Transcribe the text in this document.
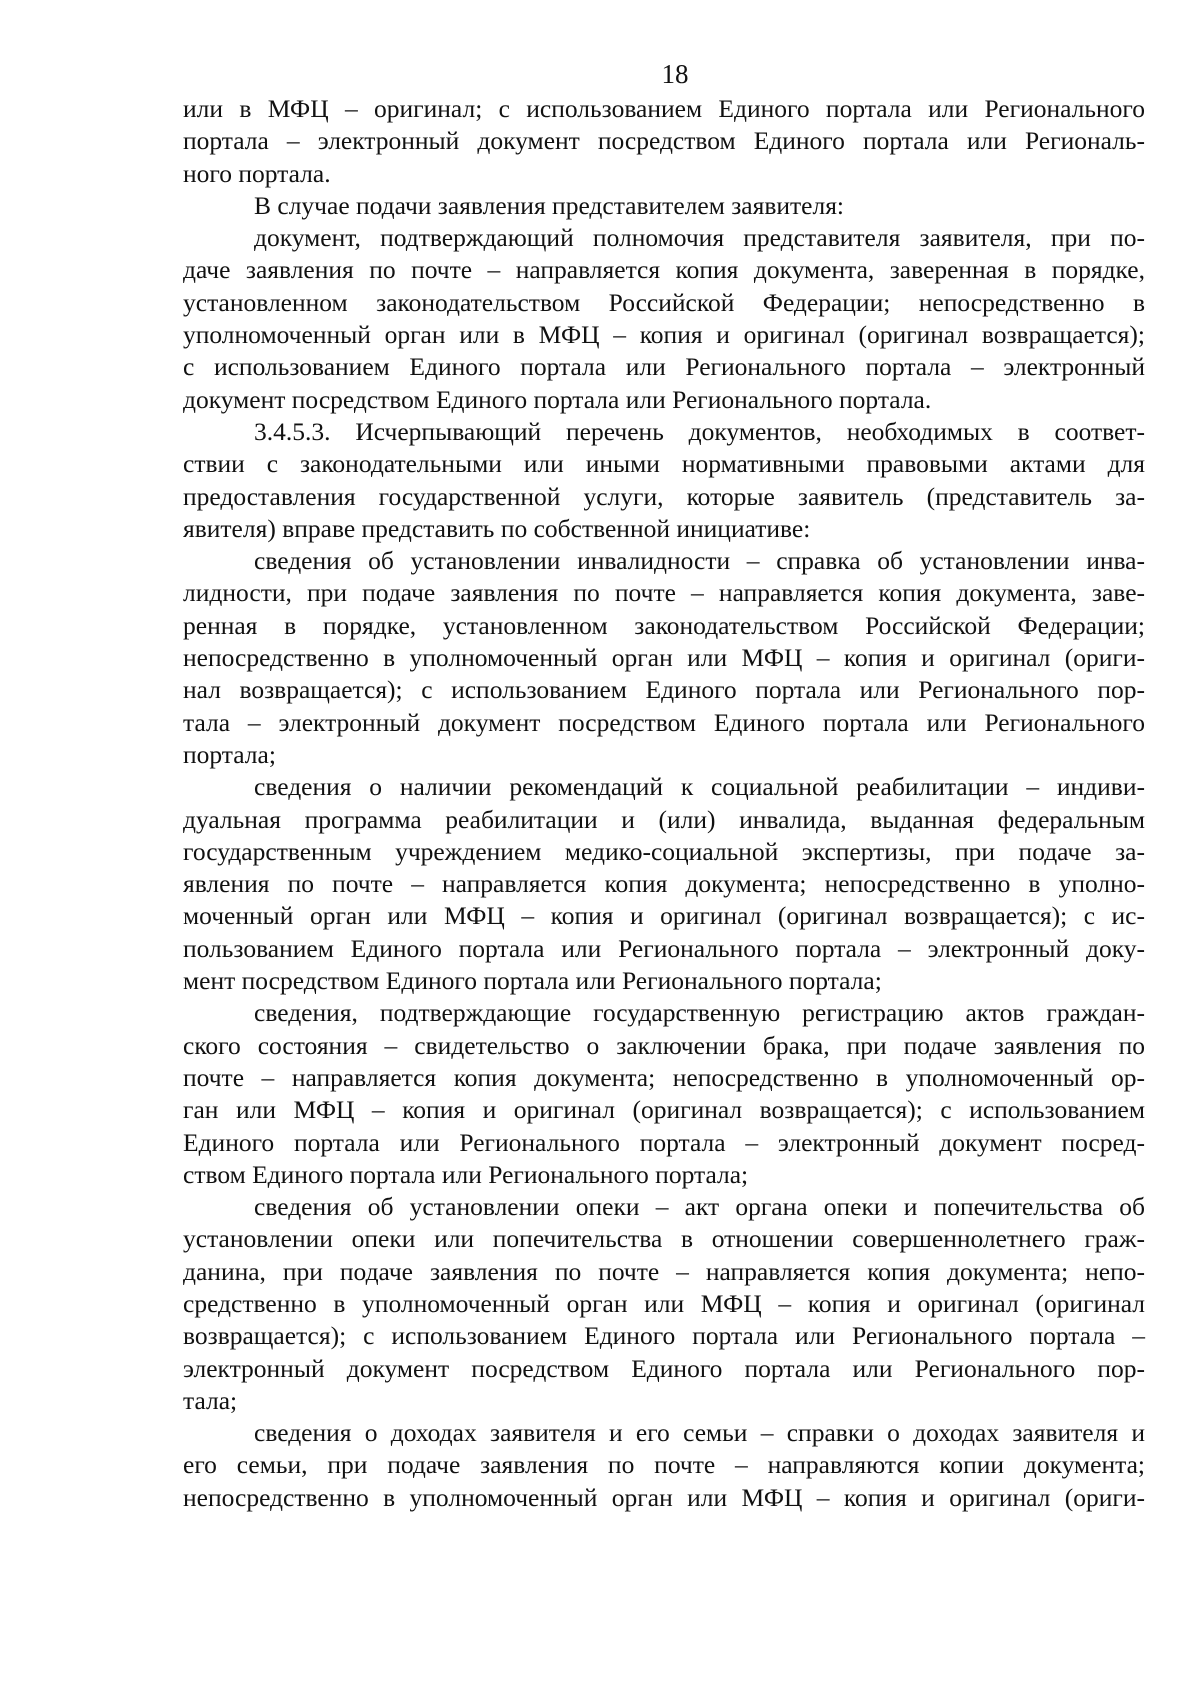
18
или в МФЦ – оригинал; с использованием Единого портала или Регионального
портала – электронный документ посредством Единого портала или Региональ-
ного портала.
В случае подачи заявления представителем заявителя:
документ, подтверждающий полномочия представителя заявителя, при по-
даче заявления по почте – направляется копия документа, заверенная в порядке,
установленном законодательством Российской Федерации; непосредственно в
уполномоченный орган или в МФЦ – копия и оригинал (оригинал возвращается);
с использованием Единого портала или Регионального портала – электронный
документ посредством Единого портала или Регионального портала.
3.4.5.3. Исчерпывающий перечень документов, необходимых в соответ-
ствии с законодательными или иными нормативными правовыми актами для
предоставления государственной услуги, которые заявитель (представитель за-
явителя) вправе представить по собственной инициативе:
сведения об установлении инвалидности – справка об установлении инва-
лидности, при подаче заявления по почте – направляется копия документа, заве-
ренная в порядке, установленном законодательством Российской Федерации;
непосредственно в уполномоченный орган или МФЦ – копия и оригинал (ориги-
нал возвращается); с использованием Единого портала или Регионального пор-
тала – электронный документ посредством Единого портала или Регионального
портала;
сведения о наличии рекомендаций к социальной реабилитации – индиви-
дуальная программа реабилитации и (или) инвалида, выданная федеральным
государственным учреждением медико-социальной экспертизы, при подаче за-
явления по почте – направляется копия документа; непосредственно в уполно-
моченный орган или МФЦ – копия и оригинал (оригинал возвращается); с ис-
пользованием Единого портала или Регионального портала – электронный доку-
мент посредством Единого портала или Регионального портала;
сведения, подтверждающие государственную регистрацию актов граждан-
ского состояния – свидетельство о заключении брака, при подаче заявления по
почте – направляется копия документа; непосредственно в уполномоченный ор-
ган или МФЦ – копия и оригинал (оригинал возвращается); с использованием
Единого портала или Регионального портала – электронный документ посред-
ством Единого портала или Регионального портала;
сведения об установлении опеки – акт органа опеки и попечительства об
установлении опеки или попечительства в отношении совершеннолетнего граж-
данина, при подаче заявления по почте – направляется копия документа; непо-
средственно в уполномоченный орган или МФЦ – копия и оригинал (оригинал
возвращается); с использованием Единого портала или Регионального портала –
электронный документ посредством Единого портала или Регионального пор-
тала;
сведения о доходах заявителя и его семьи – справки о доходах заявителя и
его семьи, при подаче заявления по почте – направляются копии документа;
непосредственно в уполномоченный орган или МФЦ – копия и оригинал (ориги-
